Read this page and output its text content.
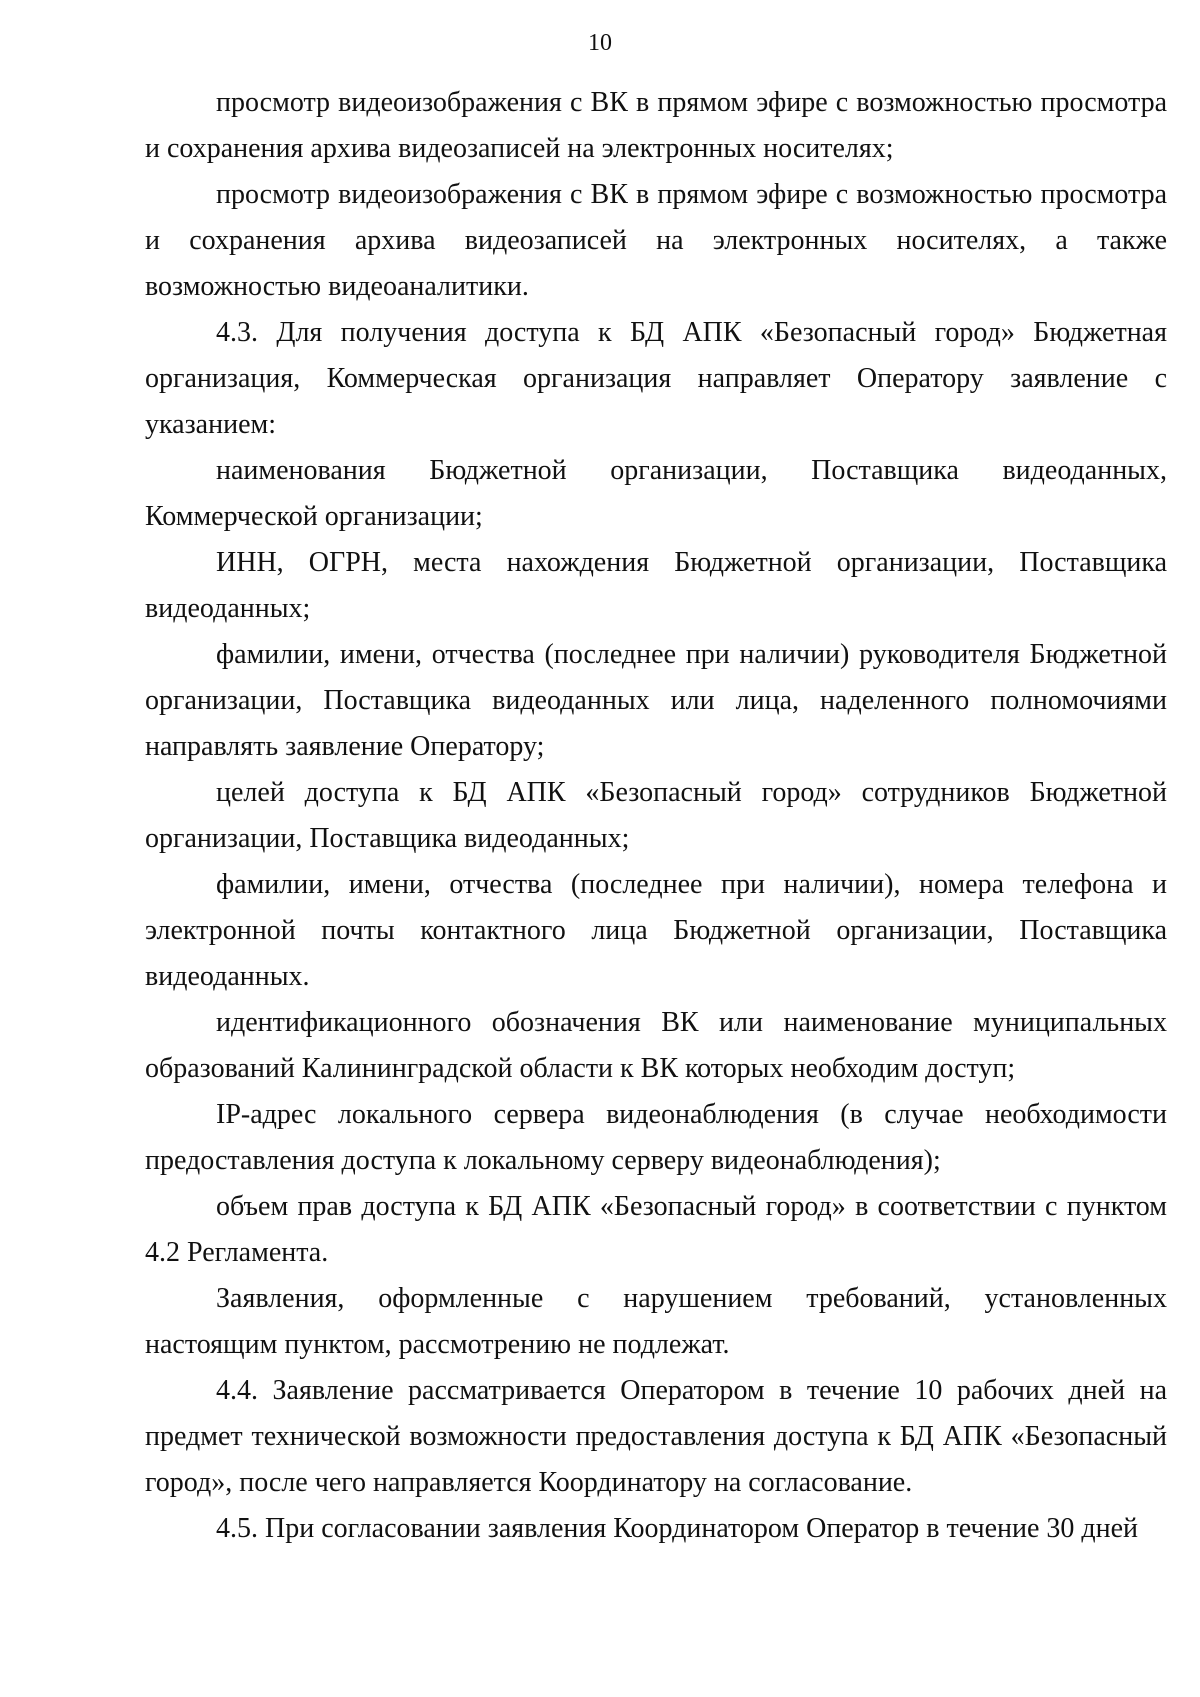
10

просмотр видеоизображения с ВК в прямом эфире с возможностью просмотра и сохранения архива видеозаписей на электронных носителях;

просмотр видеоизображения с ВК в прямом эфире с возможностью просмотра и сохранения архива видеозаписей на электронных носителях, а также возможностью видеоаналитики.

4.3. Для получения доступа к БД АПК «Безопасный город» Бюджетная организация, Коммерческая организация направляет Оператору заявление с указанием:

наименования Бюджетной организации, Поставщика видеоданных, Коммерческой организации;

ИНН, ОГРН, места нахождения Бюджетной организации, Поставщика видеоданных;

фамилии, имени, отчества (последнее при наличии) руководителя Бюджетной организации, Поставщика видеоданных или лица, наделенного полномочиями направлять заявление Оператору;

целей доступа к БД АПК «Безопасный город» сотрудников Бюджетной организации, Поставщика видеоданных;

фамилии, имени, отчества (последнее при наличии), номера телефона и электронной почты контактного лица Бюджетной организации, Поставщика видеоданных.

идентификационного обозначения ВК или наименование муниципальных образований Калининградской области к ВК которых необходим доступ;

IP-адрес локального сервера видеонаблюдения (в случае необходимости предоставления доступа к локальному серверу видеонаблюдения);

объем прав доступа к БД АПК «Безопасный город» в соответствии с пунктом 4.2 Регламента.

Заявления, оформленные с нарушением требований, установленных настоящим пунктом, рассмотрению не подлежат.

4.4. Заявление рассматривается Оператором в течение 10 рабочих дней на предмет технической возможности предоставления доступа к БД АПК «Безопасный город», после чего направляется Координатору на согласование.

4.5. При согласовании заявления Координатором Оператор в течение 30 дней
